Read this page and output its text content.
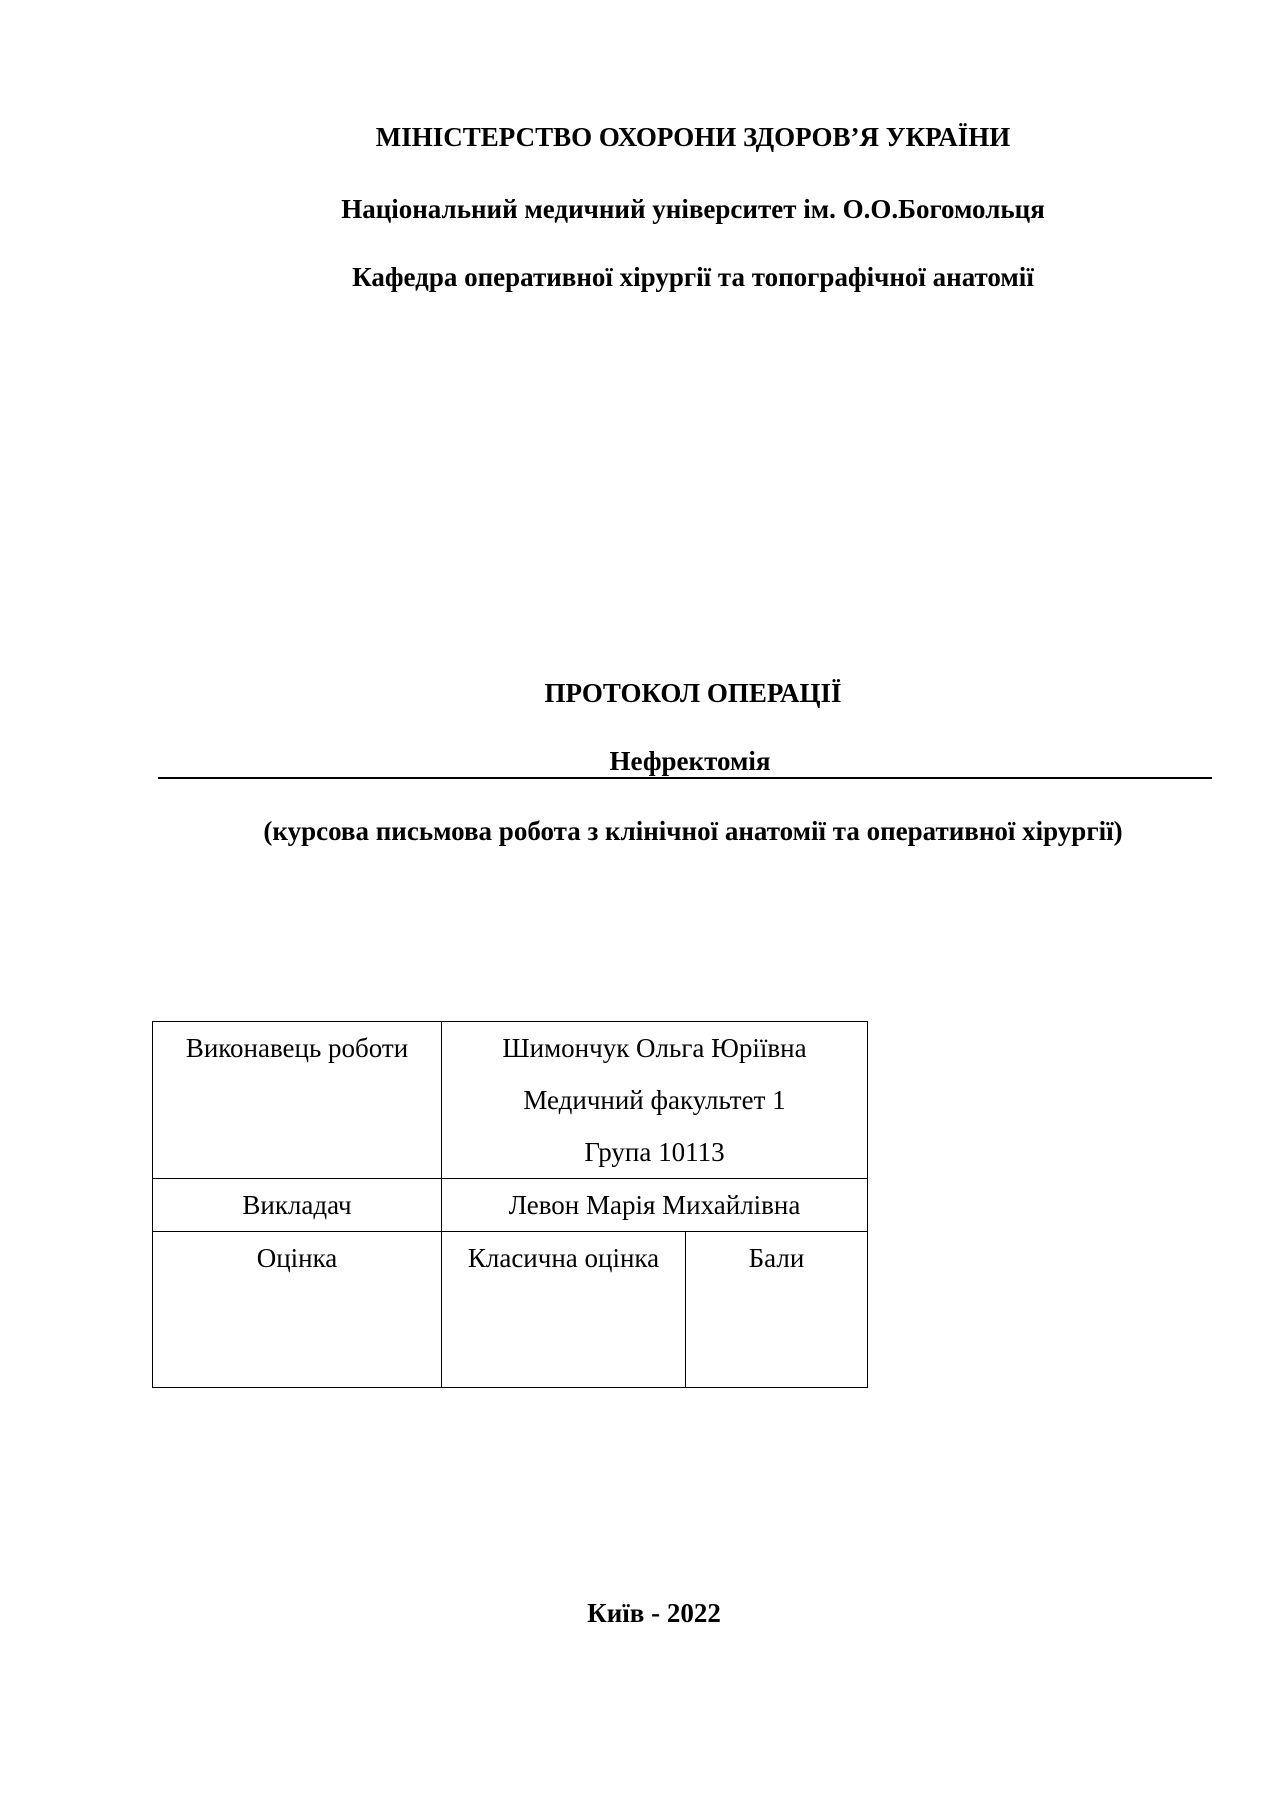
МІНІСТЕРСТВО ОХОРОНИ ЗДОРОВ’Я УКРАЇНИ
Національний медичний університет ім. О.О.Богомольця
Кафедра оперативної хірургії та топографічної анатомії
ПРОТОКОЛ ОПЕРАЦІЇ
Нефректомія
(курсова письмова робота з клінічної анатомії та оперативної хірургії)
Виконавець роботи	Шимончук Ольга Юріївна
Медичний факультет 1
Група 10113	

Викладач	Левон Марія Михайлівна	

Оцінка	Класична оцінка	Бали
Київ - 2022
